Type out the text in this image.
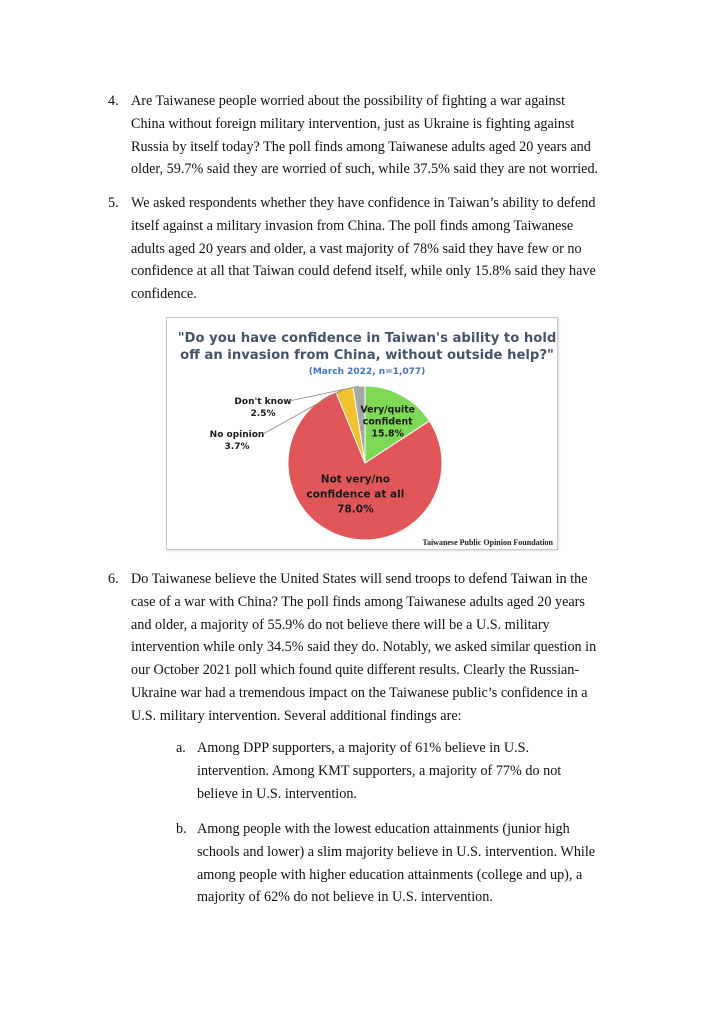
4. Are Taiwanese people worried about the possibility of fighting a war against
China without foreign military intervention, just as Ukraine is fighting against
Russia by itself today? The poll finds among Taiwanese adults aged 20 years and
older, 59.7% said they are worried of such, while 37.5% said they are not worried.
5. We asked respondents whether they have confidence in Taiwan’s ability to defend
itself against a military invasion from China. The poll finds among Taiwanese
adults aged 20 years and older, a vast majority of 78% said they have few or no
confidence at all that Taiwan could defend itself, while only 15.8% said they have
confidence.
"Do you have confidence in Taiwan's ability to hold
off an invasion from China, without outside help?"
(March 2022, n=1,077)
Very/quite
confident
15.8%
Not very/no
confidence at all
78.0%
No opinion
3.7%
Don't know
2.5%
Taiwanese Public Opinion Foundation
6. Do Taiwanese believe the United States will send troops to defend Taiwan in the
case of a war with China? The poll finds among Taiwanese adults aged 20 years
and older, a majority of 55.9% do not believe there will be a U.S. military
intervention while only 34.5% said they do. Notably, we asked similar question in
our October 2021 poll which found quite different results. Clearly the Russian-
Ukraine war had a tremendous impact on the Taiwanese public’s confidence in a
U.S. military intervention. Several additional findings are:
a. Among DPP supporters, a majority of 61% believe in U.S.
intervention. Among KMT supporters, a majority of 77% do not
believe in U.S. intervention.
b. Among people with the lowest education attainments (junior high
schools and lower) a slim majority believe in U.S. intervention. While
among people with higher education attainments (college and up), a
majority of 62% do not believe in U.S. intervention.
